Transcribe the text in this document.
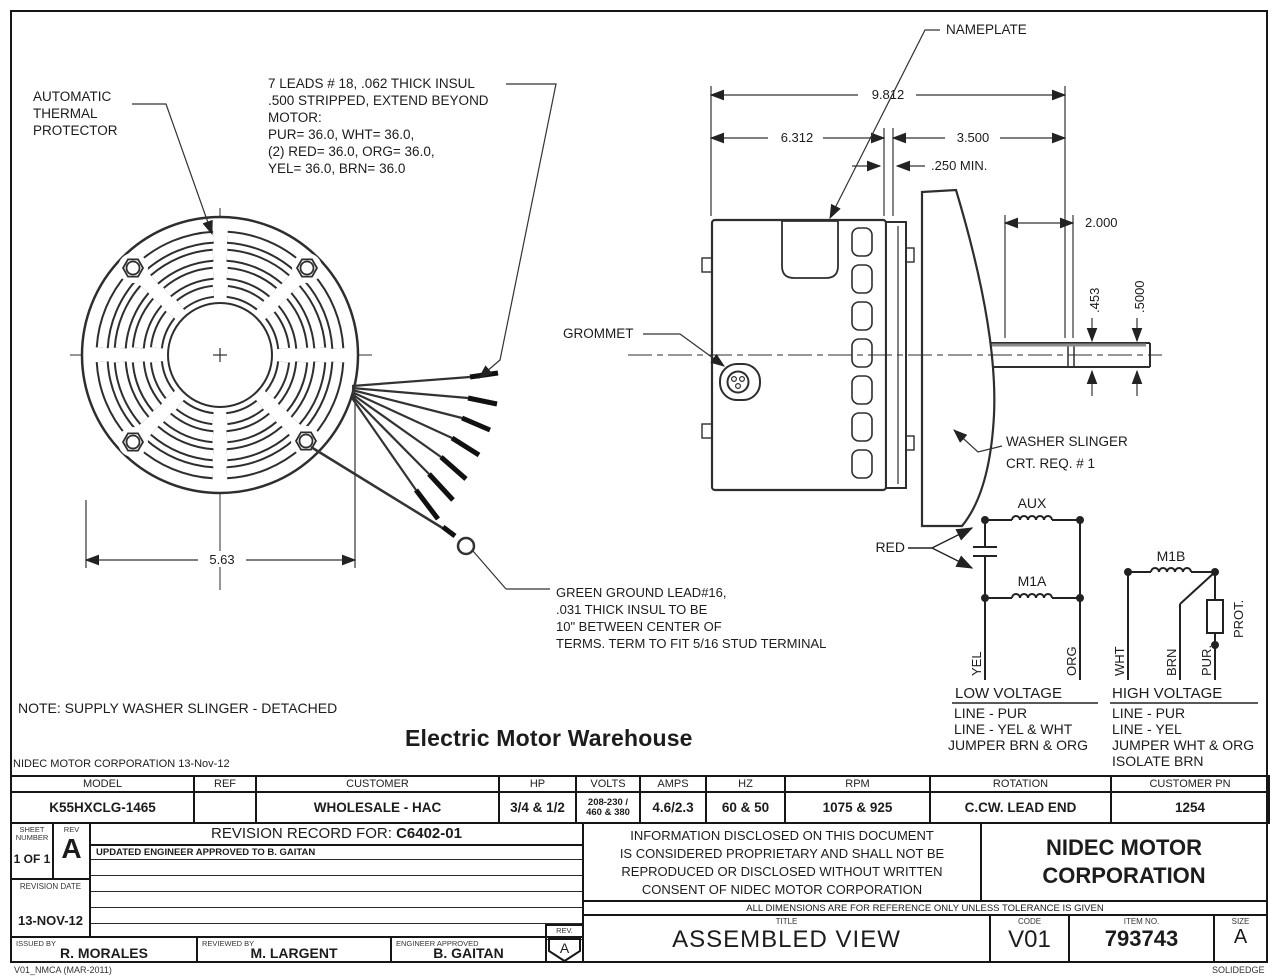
5.63
AUTOMATIC
THERMAL
PROTECTOR
7 LEADS # 18, .062 THICK INSUL
.500 STRIPPED, EXTEND BEYOND
MOTOR:
PUR= 36.0, WHT= 36.0,
(2) RED= 36.0, ORG= 36.0,
YEL= 36.0, BRN= 36.0
GREEN GROUND LEAD#16,
.031 THICK INSUL TO BE
10" BETWEEN CENTER OF
TERMS. TERM TO FIT 5/16 STUD TERMINAL
9.812
6.312	3.500
.250 MIN.
2.000
.453 .5000
NAMEPLATE
GROMMET
WASHER SLINGER
CRT. REQ. # 1
RED
AUX
M1A
M1B
YEL	ORG	WHT	BRN PUR.
PROT.
LOW VOLTAGE
LINE - PUR
LINE - YEL & WHT
JUMPER BRN & ORG
HIGH VOLTAGE
LINE - PUR
LINE - YEL
JUMPER WHT & ORG
ISOLATE BRN
NOTE: SUPPLY WASHER SLINGER - DETACHED
Electric Motor Warehouse
NIDEC MOTOR CORPORATION 13-Nov-12
MODEL	REF	CUSTOMER	HP	VOLTS	AMPS	HZ	RPM	ROTATION	CUSTOMER PN
K55HXCLG-1465		WHOLESALE - HAC	3/4 & 1/2	208-230 /
460 & 380	4.6/2.3	60 & 50	1075 & 925	C.CW. LEAD END	1254
SHEET
NUMBER
1 OF 1
REV
A	REVISION RECORD FOR: C6402-01
UPDATED ENGINEER APPROVED TO B. GAITAN
REVISION DATE
13-NOV-12
ISSUED BY
R. MORALES
REVIEWED BY
M. LARGENT
ENGINEER APPROVED
B. GAITAN
REV.
A
INFORMATION DISCLOSED ON THIS DOCUMENT
IS CONSIDERED PROPRIETARY AND SHALL NOT BE
REPRODUCED OR DISCLOSED WITHOUT WRITTEN
CONSENT OF NIDEC MOTOR CORPORATION
NIDEC MOTOR
CORPORATION
ALL DIMENSIONS ARE FOR REFERENCE ONLY UNLESS TOLERANCE IS GIVEN
TITLE
ASSEMBLED VIEW
CODE
V01
ITEM NO.
793743
SIZE
A
V01_NMCA (MAR-2011)	SOLIDEDGE
